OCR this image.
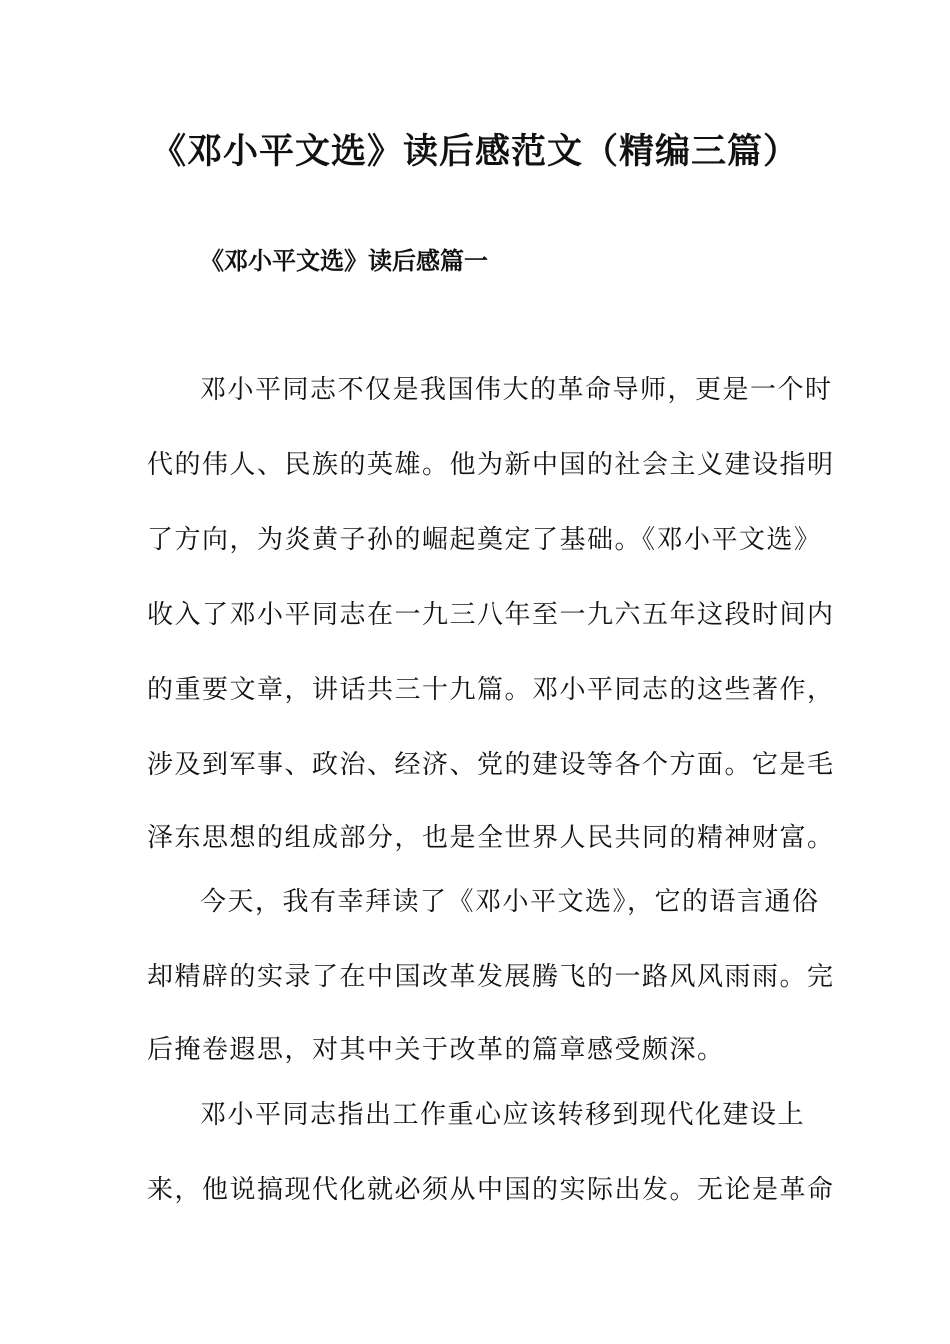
《邓小平文选》读后感范文（精编三篇）
《邓小平文选》读后感篇一
邓小平同志不仅是我国伟大的革命导师，更是一个时
代的伟人、民族的英雄。他为新中国的社会主义建设指明
了方向，为炎黄子孙的崛起奠定了基础。《邓小平文选》
收入了邓小平同志在一九三八年至一九六五年这段时间内
的重要文章，讲话共三十九篇。邓小平同志的这些著作，
涉及到军事、政治、经济、党的建设等各个方面。它是毛
泽东思想的组成部分，也是全世界人民共同的精神财富。
今天，我有幸拜读了《邓小平文选》，它的语言通俗
却精辟的实录了在中国改革发展腾飞的一路风风雨雨。完
后掩卷遐思，对其中关于改革的篇章感受颇深。
邓小平同志指出工作重心应该转移到现代化建设上
来，他说搞现代化就必须从中国的实际出发。无论是革命
